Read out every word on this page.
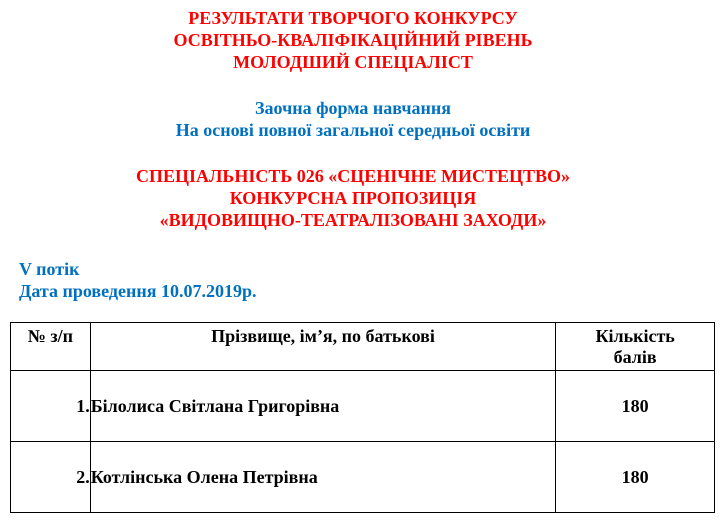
РЕЗУЛЬТАТИ ТВОРЧОГО КОНКУРСУ
ОСВІТНЬО-КВАЛІФІКАЦІЙНИЙ РІВЕНЬ
МОЛОДШИЙ СПЕЦІАЛІСТ
Заочна форма навчання
На основі повної загальної середньої освіти
СПЕЦІАЛЬНІСТЬ 026 «СЦЕНІЧНЕ МИСТЕЦТВО»
КОНКУРСНА ПРОПОЗИЦІЯ
«ВИДОВИЩНО-ТЕАТРАЛІЗОВАНІ ЗАХОДИ»
V потік
Дата проведення 10.07.2019р.
№ з/п	Прізвище, ім’я, по батькові	Кількість
балів
1.	Білолиса Світлана Григорівна	180
2.	Котлінська Олена Петрівна	180
